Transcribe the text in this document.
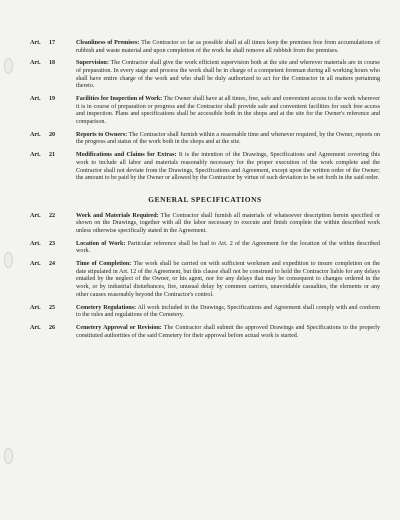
Art. 17	Cleanliness of Premises: The Contractor so far as possible shall at all times keep the premises free from accumulations of rubbish and waste material and upon completion of the work he shall remove all rubbish from the premises.
Art. 18	Supervision: The Contractor shall give the work efficient supervision both at the site and wherever materials are in course of preparation. In every stage and process the work shall be in charge of a competent foreman during all working hours who shall have entire charge of the work and who shall be duly authorized to act for the Contractor in all matters pertaining thereto.
Art. 19	Facilities for Inspection of Work: The Owner shall have at all times, free, safe and convenient access to the work wherever it is in course of preparation or progress and the Contractor shall provide safe and convenient facilities for such free access and inspection. Plans and specifications shall be accessible both in the shops and at the site for the Owner's reference and comparison.
Art. 20	Reports to Owners: The Contractor shall furnish within a reasonable time and whenever required, by the Owner, reports on the progress and status of the work both in the shops and at the site.
Art. 21	Modifications and Claims for Extras: It is the intention of the Drawings, Specifications and Agreement covering this work to include all labor and materials reasonably necessary for the proper execution of the work complete and the Contractor shall not deviate from the Drawings, Specifications and Agreement, except upon the written order of the Owner; the amount to be paid by the Owner or allowed by the Contractor by virtue of such deviation to be set forth in the said order.
GENERAL SPECIFICATIONS
Art. 22	Work and Materials Required: The Contractor shall furnish all materials of whatsoever description herein specified or shown on the Drawings, together with all the labor necessary to execute and finish complete the within described work unless otherwise specifically stated in the Agreement.
Art. 23	Location of Work: Particular reference shall be had to Art. 2 of the Agreement for the location of the within described work.
Art. 24	Time of Completion: The work shall be carried on with sufficient workmen and expedition to insure completion on the date stipulated in Art. 12 of the Agreement, but this clause shall not be construed to hold the Contractor liable for any delays entailed by the neglect of the Owner, or his agent, nor for any delays that may be consequent to changes ordered in the work, or by industrial disturbances, fire, unusual delay by common carriers, unavoidable casualties, the elements or any other causes reasonably beyond the Contractor's control.
Art. 25	Cemetery Regulations: All work included in the Drawings, Specifications and Agreement shall comply with and conform to the rules and regulations of the Cemetery.
Art. 26	Cemetery Approval or Revision: The Contractor shall submit the approved Drawings and Specifications to the properly constituted authorities of the said Cemetery for their approval before actual work is started.
